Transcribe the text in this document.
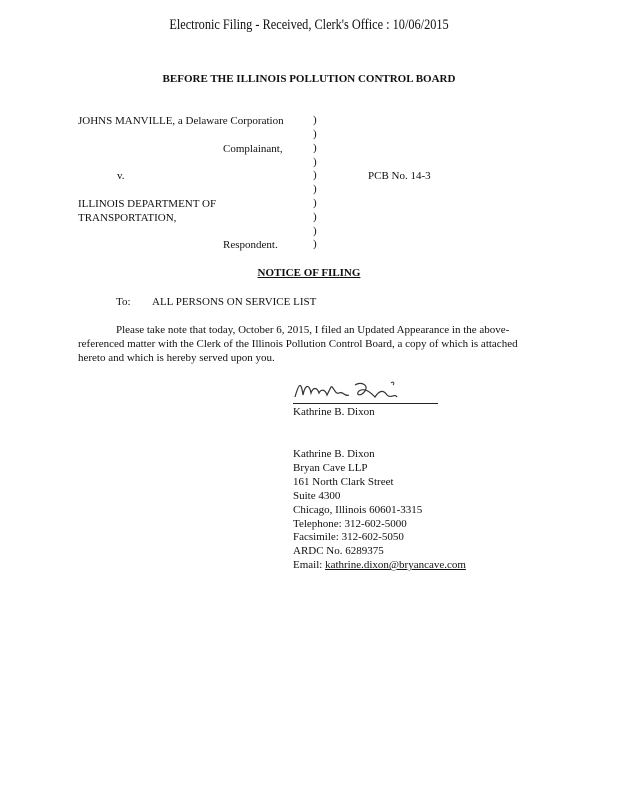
Electronic Filing - Received, Clerk's Office : 10/06/2015
BEFORE THE ILLINOIS POLLUTION CONTROL BOARD
JOHNS MANVILLE, a Delaware Corporation
Complainant,
v.	PCB No. 14-3
ILLINOIS DEPARTMENT OF
TRANSPORTATION,
Respondent.
)
)
)
)
)
)
)
)
)
)
NOTICE OF FILING
To: ALL PERSONS ON SERVICE LIST
Please take note that today, October 6, 2015, I filed an Updated Appearance in the above-referenced matter with the Clerk of the Illinois Pollution Control Board, a copy of which is attached hereto and which is hereby served upon you.
Kathrine B. Dixon
Kathrine B. Dixon
Bryan Cave LLP
161 North Clark Street
Suite 4300
Chicago, Illinois 60601-3315
Telephone: 312-602-5000
Facsimile: 312-602-5050
ARDC No. 6289375
Email: kathrine.dixon@bryancave.com
